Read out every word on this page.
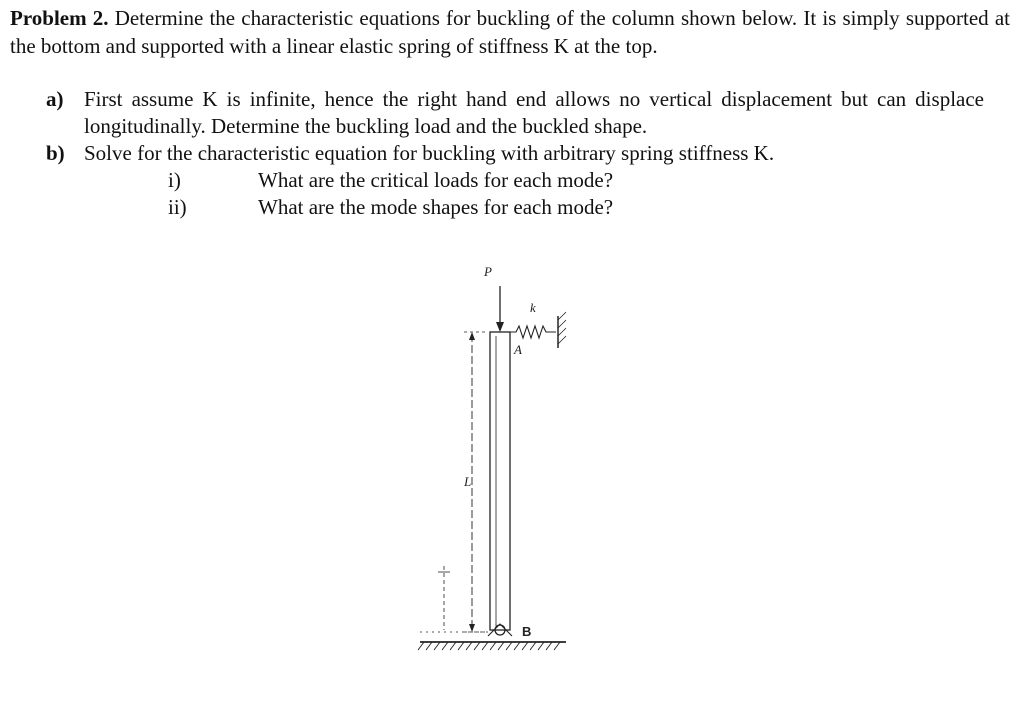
Problem 2. Determine the characteristic equations for buckling of the column shown below. It is simply supported at the bottom and supported with a linear elastic spring of stiffness K at the top.
a) First assume K is infinite, hence the right hand end allows no vertical displacement but can displace longitudinally. Determine the buckling load and the buckled shape.
b) Solve for the characteristic equation for buckling with arbitrary spring stiffness K.
i)	What are the critical loads for each mode?
ii)	What are the mode shapes for each mode?
P
k
A
L
B
